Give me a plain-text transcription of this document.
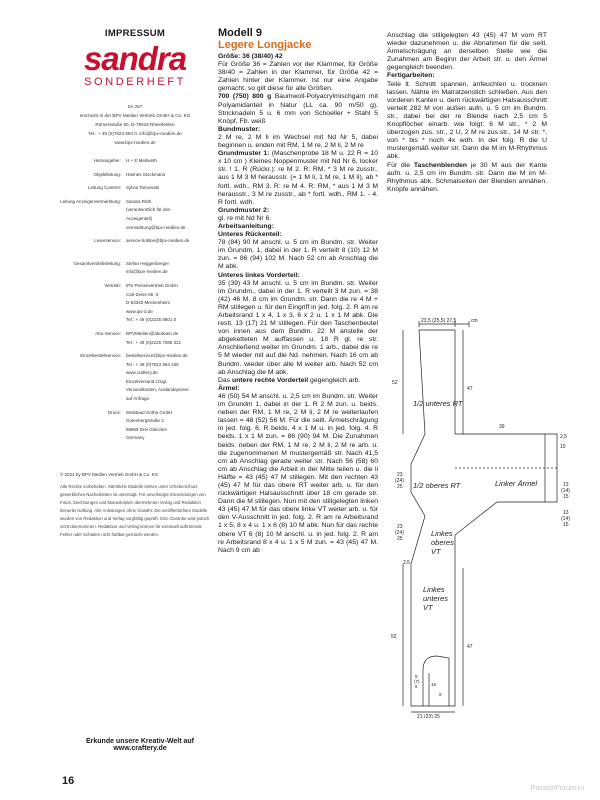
IMPRESSUM
sandra
SONDERHEFT
SA 267
erscheint in der BPV Medien Vertrieb GmbH & Co. KG
Römerstraße 90, D-79618 Rheinfelden
Tel.: + 49 (0)7623 964 0, info@bpv-medien.de
www.bpv-medien.de
Herausgeber:	H + E Medweth
Objektleitung:	Hannes Stockmann
Leitung Content:	Sylvia Tarnowski
Leitung Anzeigenvermarktung:	Sandra Rüth
(verantwortlich für den
Anzeigenteil)
vermarktung@bpv-medien.de
Leserservice:	service-hotline@bpv-medien.de
Gesamtvertriebsleitung:	Stefan Heggenberger
info@bpv-medien.de
Vertrieb:	IPS Pressevertrieb GmbH
Carl-Zeiss-Str. 5
D-53340 Meckenheim
www.ips-d.de
Tel.: + 49 (0)2225 8801 0
Abo-Service:	BPVMedien@aboteam.de
Tel.: + 49 (0)2225 7085 321
Einzelbestellservice:	bestellservice@bpv-medien.de
Tel.: + 49 (0)7623 964 155
www.craftery.de
Einzelversand zzügl.
Versandkosten, Auslandspreise
auf Anfrage.
Druck:	Walstead Gotha GmbH
Gutenbergstraße 3
99869 Drei Gleichen
Germany
© 2024 by BPV Medien Vertrieb GmbH & Co. KG
Alle Rechte vorbehalten. Sämtliche Modelle stehen unter Urheberschutz, gewerbliches Nacharbeiten ist untersagt. Für unverlangte Einsendungen von Fotos, Zeichnungen und Manuskripten übernehmen Verlag und Redaktion keinerlei Haftung. Alle Anleitungen ohne Gewähr. Die veröffentlichten Modelle wurden von Redaktion und Verlag sorgfältig geprüft. Eine Garantie wird jedoch nicht übernommen. Redaktion und Verlag können für eventuell auftretende Fehler oder Schäden nicht haftbar gemacht werden.
Erkunde unsere Kreativ-Welt auf www.craftery.de
16
PassionForum.ru
Modell 9
Legere Longjacke
Größe: 36 (38/40) 42
Für Größe 36 = Zahlen vor der Klammer, für Größe 38/40 = Zahlen in der Klammer, für Größe 42 = Zahlen hinter der Klammer. Ist nur eine Angabe gemacht, so gilt diese für alle Größen.
700 (750) 800 g Baumwoll-Polyacrylmischgarn mit Polyamidanteil in Natur (LL ca. 90 m/50 g). Stricknadeln 5 u. 6 mm von Schoeller + Stahl 5 Knöpf, Fb. weiß
Bundmuster:
2 M re, 2 M li im Wechsel mit Nd Nr 5, dabei beginnen u. enden mit RM, 1 M re, 2 M li, 2 M re
Grundmuster 1: (Maschenprobe 18 M u. 22 R = 10 x 10 cm ) Kleines Noppenmuster mit Nd Nr 6, locker str. ! 1. R (Rückr.): re M 2. R: RM, * 3 M re zusstr., aus 1 M 3 M herausstr. (= 1 M li, 1 M re, 1 M li), ab * fortl. wdh., RM 3. R: re M 4. R: RM, * aus 1 M 3 M herausstr., 3 M re zusstr., ab * fortl. wdh., RM 1. - 4. R fortl. wdh.
Grundmuster 2:
gl. re mit Nd Nr 6.
Arbeitsanleitung:
Unteres Rückenteil:
78 (84) 90 M anschl. u. 5 cm im Bundm. str. Weiter im Grundm. 1, dabei in der 1. R verteilt 8 (10) 12 M zun. = 86 (94) 102 M. Nach 52 cm ab Anschlag die M abk.
Unteres linkes Vorderteil:
35 (39) 43 M anschl. u. 5 cm im Bundm. str. Weiter im Grundm., dabei in der 1. R verteilt 3 M zun. = 38 (42) 46 M. 8 cm im Grundm. str. Dann die re 4 M + RM stillegen u. für den Eingriff in jed. folg. 2. R am re Arbeitsrand 1 x 4, 1 x 3, 6 x 2 u. 1 x 1 M abk. Die restl. 13 (17) 21 M stillegen. Für den Taschenbeutel von innen aus dem Bundm. 22 M anstelle der abgeketteten M auffassen u. 18 R gl. re str. Anschließend weiter im Grundm. 1 arb., dabei die re 5 M wieder mit auf die Nd. nehmen. Nach 16 cm ab Bundm. wieder über alle M weiter arb. Nach 52 cm ab Anschlag die M abk.
Das untere rechte Vorderteil gegengleich arb.
Ärmel:
46 (50) 54 M anschl. u. 2,5 cm im Bundm. str. Weiter im Grundm 1, dabei in der 1. R 2 M zun. u. beids. neben der RM, 1 M re, 2 M li, 2 M re weiterlaufen lassen = 48 (52) 56 M. Für die seitl. Ärmelschrägung in jed. folg. 6. R beids. 4 x 1 M u. in jed. folg. 4. R beids. 1 x 1 M zun. = 86 (90) 94 M. Die Zunahmen beids. neben der RM, 1 M re, 2 M li, 2 M re arb. u. die zugenommenen M mustergemäß str. Nach 41,5 cm ab Anschlag gerade weiter str. Nach 56 (58) 60 cm ab Anschlag die Arbeit in der Mitte teilen u. die li Hälfte = 43 (45) 47 M stillegen. Mit den rechten 43 (45) 47 M für das obere RT weiter arb. u. für den rückwärtigen Halsausschnitt über 18 cm gerade str. Dann die M stillegen. Nun mit den stillgelegten linken 43 (45) 47 M für das obere linke VT weiter arb. u. für den V-Ausschnitt in jed. folg. 2. R am re Arbeitsrand 1 x 5, 8 x 4 u. 1 x 6 (8) 10 M abk. Nun für das rechte obere VT 6 (8) 10 M anschl. u. in jed. folg. 2. R am re Arbeitsrand 8 x 4 u. 1 x 5 M zun. = 43 (45) 47 M. Nach 9 cm ab
Anschlag die stillgelegten 43 (45) 47 M vom RT wieder dazunehmen u. die Abnahmen für die seitl. Ärmelschrägung an derselben Stelle wie die Zunahmen am Beginn der Arbeit str. u. den Ärmel gegengleich beenden.
Fertigarbeiten:
Teile lt. Schnitt spannen, anfeuchten u. trocknen lassen. Nähte im Matratzenstich schließen. Aus den vorderen Kanten u. dem rückwärtigen Halsausschnitt verteilt 282 M von außen aufn. u. 5 cm im Bundm. str., dabei bei der re Blende nach 2,5 cm 5 Knopflöcher einarb. wie folgt: 6 M str., * 2 M überzogen zus. str., 2 U, 2 M re zus.str., 14 M str. *, von * bis * noch 4x wdh. In der folg. R die U mustergemäß weiter str. Dann die M im M-Rhythmus abk.
Für die Taschenblenden je 30 M aus der Kante aufn. u. 2,5 cm im Bundm. str. Dann die M im M-Rhythmus abk. Schmalseiten der Blenden annähen. Knöpfe annähen.
23,5 (25,5) 27,5	cm
52
47
1/2 unteres RT
39
2,5
10
23 (24) 25 1/2 oberes RT	Linker Ärmel	13 (14) 15
13 (14) 15
23 (24) 25
Linkes oberes VT
2,5
Linkes unteres VT
52
47
8 (7) 6	16
9
21 (23) 25
